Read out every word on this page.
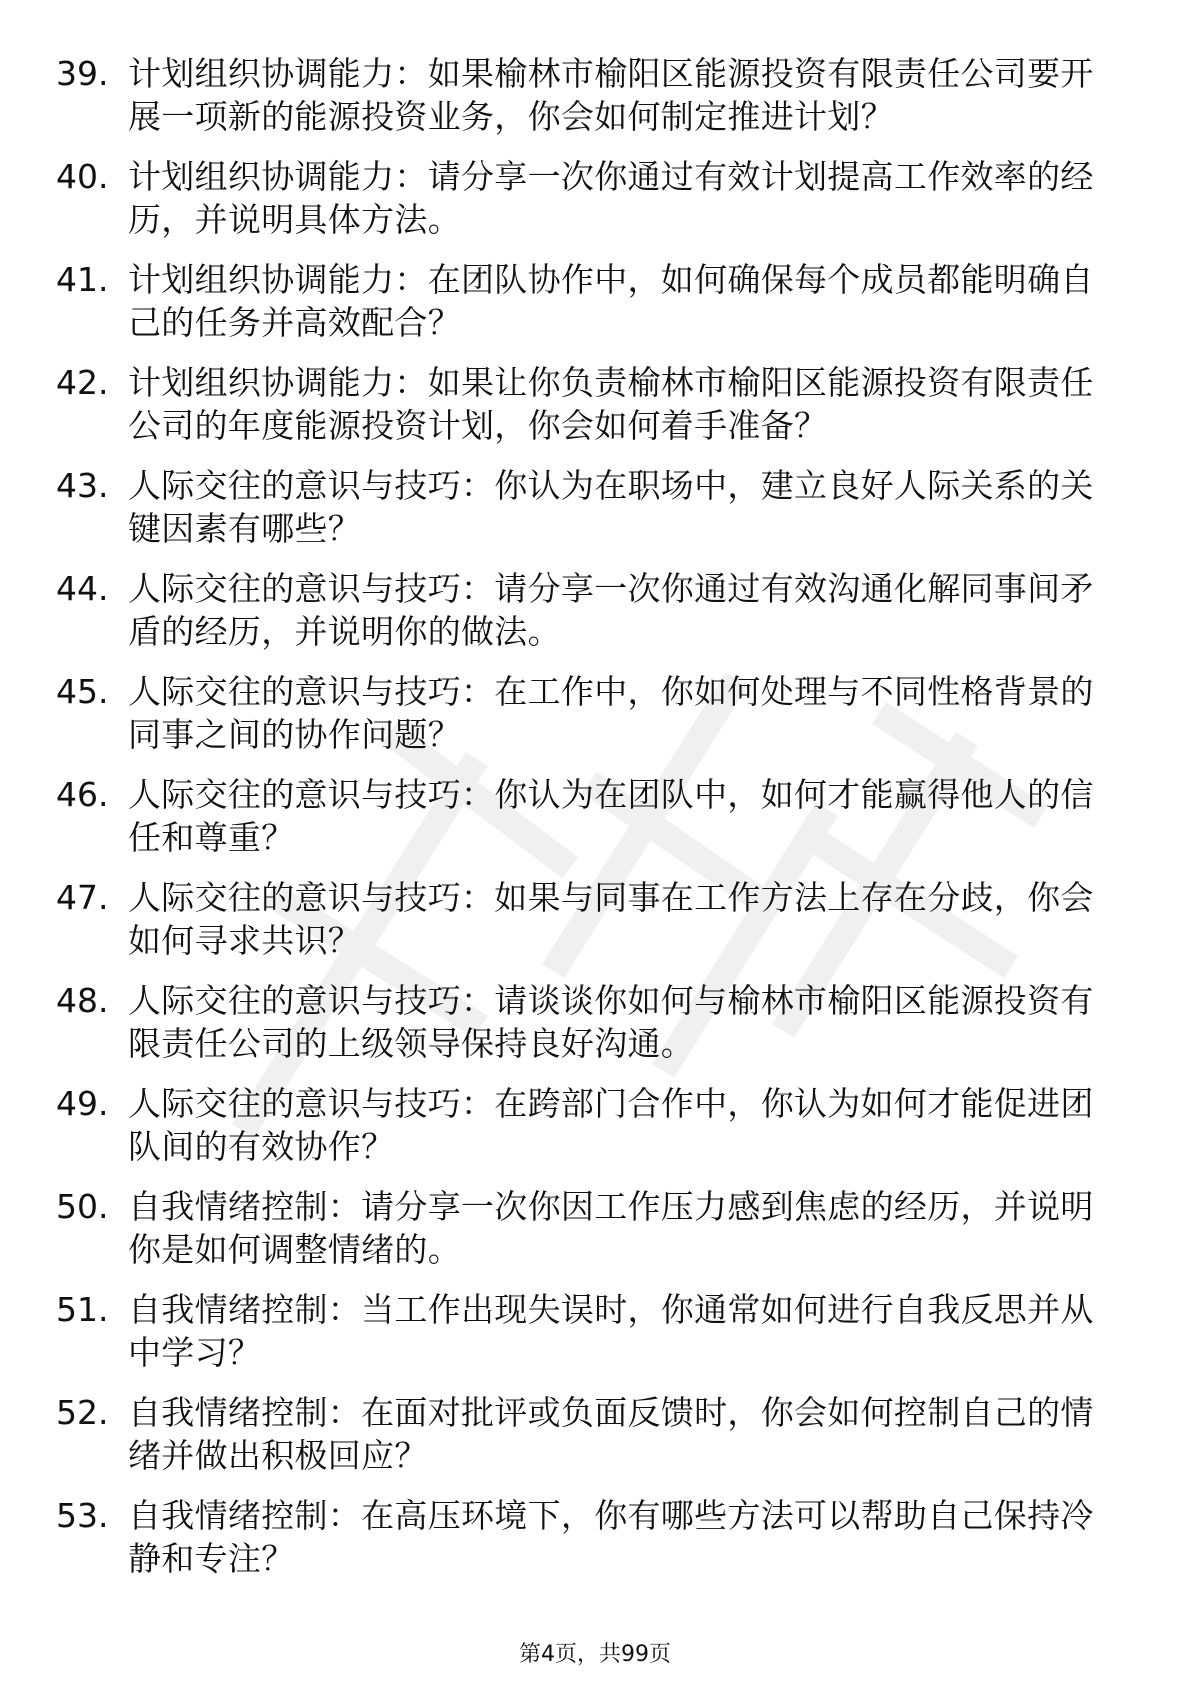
39. 计划组织协调能力：如果榆林市榆阳区能源投资有限责任公司要开展一项新的能源投资业务，你会如何制定推进计划？
40. 计划组织协调能力：请分享一次你通过有效计划提高工作效率的经历，并说明具体方法。
41. 计划组织协调能力：在团队协作中，如何确保每个成员都能明确自己的任务并高效配合？
42. 计划组织协调能力：如果让你负责榆林市榆阳区能源投资有限责任公司的年度能源投资计划，你会如何着手准备？
43. 人际交往的意识与技巧：你认为在职场中，建立良好人际关系的关键因素有哪些？
44. 人际交往的意识与技巧：请分享一次你通过有效沟通化解同事间矛盾的经历，并说明你的做法。
45. 人际交往的意识与技巧：在工作中，你如何处理与不同性格背景的同事之间的协作问题？
46. 人际交往的意识与技巧：你认为在团队中，如何才能赢得他人的信任和尊重？
47. 人际交往的意识与技巧：如果与同事在工作方法上存在分歧，你会如何寻求共识？
48. 人际交往的意识与技巧：请谈谈你如何与榆林市榆阳区能源投资有限责任公司的上级领导保持良好沟通。
49. 人际交往的意识与技巧：在跨部门合作中，你认为如何才能促进团队间的有效协作？
50. 自我情绪控制：请分享一次你因工作压力感到焦虑的经历，并说明你是如何调整情绪的。
51. 自我情绪控制：当工作出现失误时，你通常如何进行自我反思并从中学习？
52. 自我情绪控制：在面对批评或负面反馈时，你会如何控制自己的情绪并做出积极回应？
53. 自我情绪控制：在高压环境下，你有哪些方法可以帮助自己保持冷静和专注？
第4页，共99页
